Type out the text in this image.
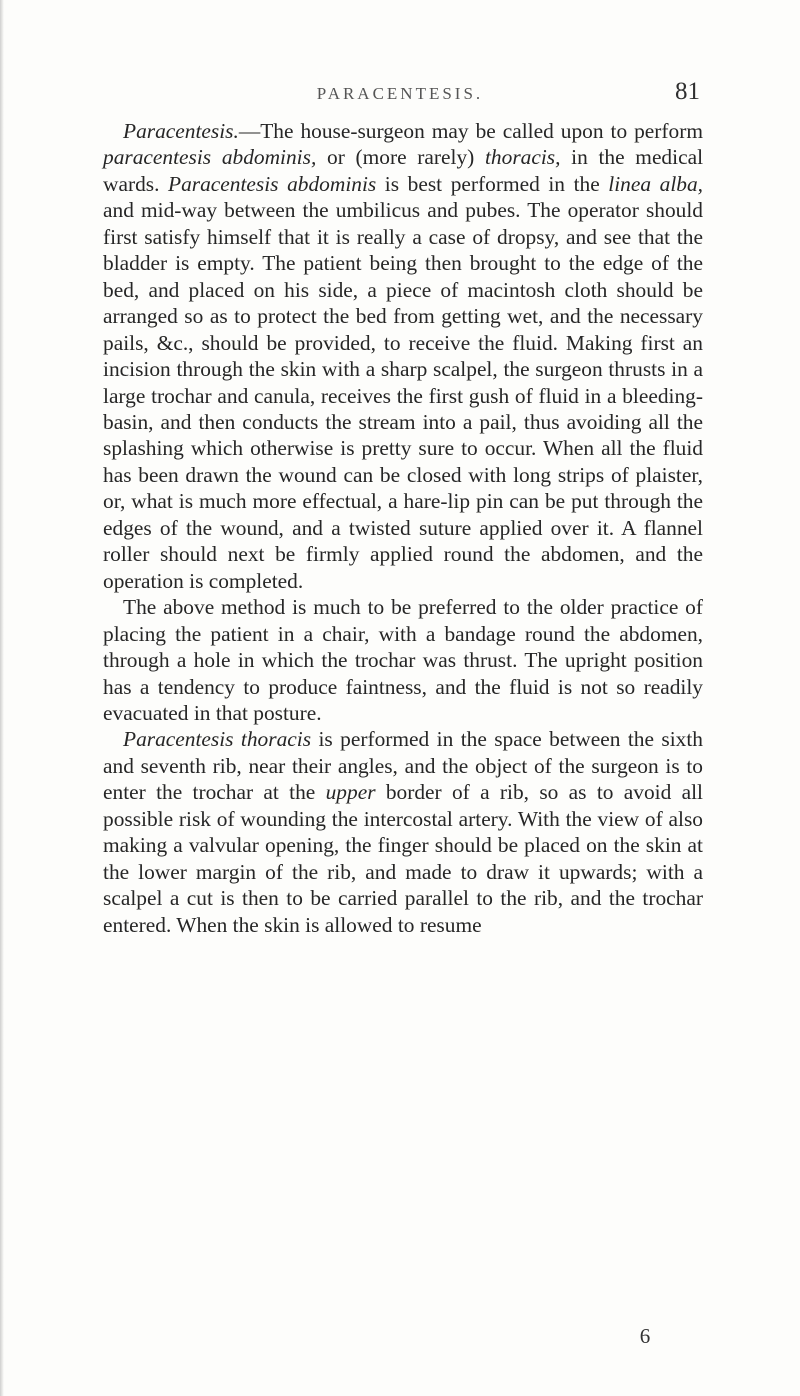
PARACENTESIS.	81

Paracentesis.—The house-surgeon may be called upon to perform paracentesis abdominis, or (more rarely) thoracis, in the medical wards. Paracentesis abdominis is best performed in the linea alba, and mid-way between the umbilicus and pubes. The operator should first satisfy himself that it is really a case of dropsy, and see that the bladder is empty. The patient being then brought to the edge of the bed, and placed on his side, a piece of macintosh cloth should be arranged so as to protect the bed from getting wet, and the necessary pails, &c., should be provided, to receive the fluid. Making first an incision through the skin with a sharp scalpel, the surgeon thrusts in a large trochar and canula, receives the first gush of fluid in a bleeding-basin, and then conducts the stream into a pail, thus avoiding all the splashing which otherwise is pretty sure to occur. When all the fluid has been drawn the wound can be closed with long strips of plaister, or, what is much more effectual, a hare-lip pin can be put through the edges of the wound, and a twisted suture applied over it. A flannel roller should next be firmly applied round the abdomen, and the operation is completed.

The above method is much to be preferred to the older practice of placing the patient in a chair, with a bandage round the abdomen, through a hole in which the trochar was thrust. The upright position has a tendency to produce faintness, and the fluid is not so readily evacuated in that posture.

Paracentesis thoracis is performed in the space between the sixth and seventh rib, near their angles, and the object of the surgeon is to enter the trochar at the upper border of a rib, so as to avoid all possible risk of wounding the intercostal artery. With the view of also making a valvular opening, the finger should be placed on the skin at the lower margin of the rib, and made to draw it upwards; with a scalpel a cut is then to be carried parallel to the rib, and the trochar entered. When the skin is allowed to resume

6
